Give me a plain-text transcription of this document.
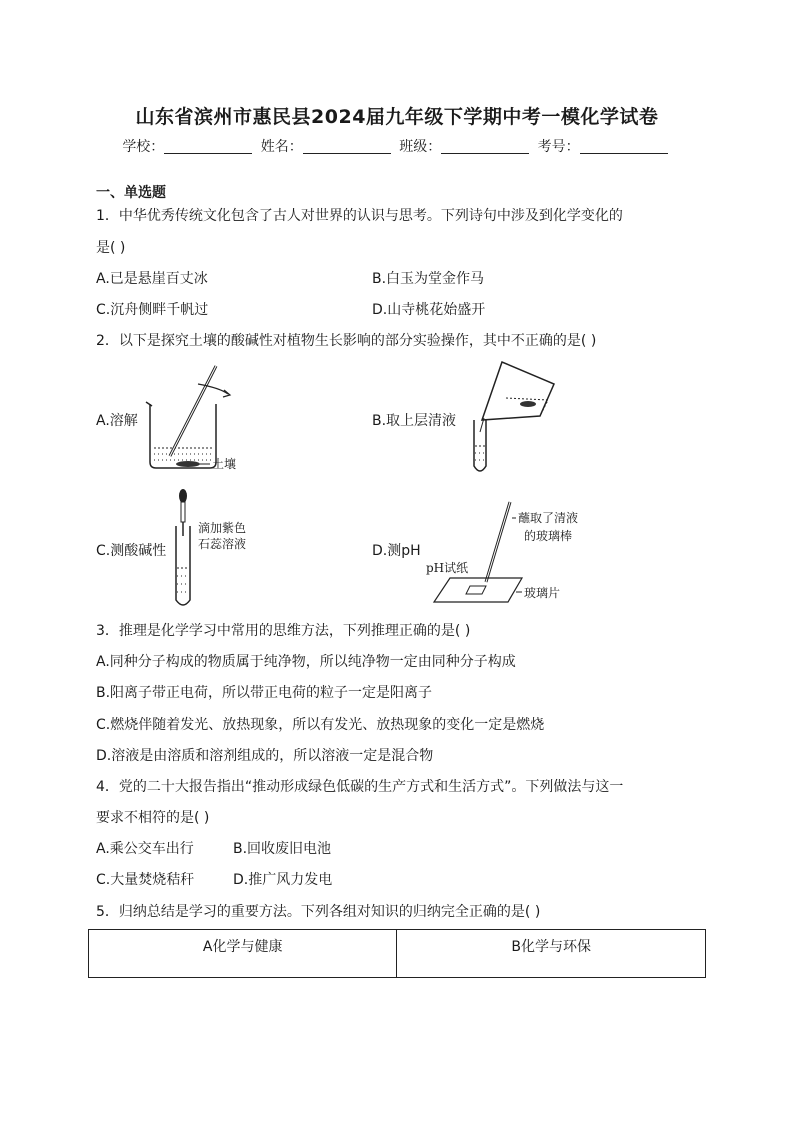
山东省滨州市惠民县2024届九年级下学期中考一模化学试卷
学校：	姓名：	班级：	考号：
一、单选题
1．中华优秀传统文化包含了古人对世界的认识与思考。下列诗句中涉及到化学变化的
是( )
A.已是悬崖百丈冰	B.白玉为堂金作马
C.沉舟侧畔千帆过	D.山寺桃花始盛开
2．以下是探究土壤的酸碱性对植物生长影响的部分实验操作，其中不正确的是( )
A.溶解
土壤
B.取上层清液
C.测酸碱性
滴加紫色
石蕊溶液	D.测pH
蘸取了清液
的玻璃棒
pH试纸
玻璃片
3．推理是化学学习中常用的思维方法，下列推理正确的是( )
A.同种分子构成的物质属于纯净物，所以纯净物一定由同种分子构成
B.阳离子带正电荷，所以带正电荷的粒子一定是阳离子
C.燃烧伴随着发光、放热现象，所以有发光、放热现象的变化一定是燃烧
D.溶液是由溶质和溶剂组成的，所以溶液一定是混合物
4．党的二十大报告指出“推动形成绿色低碳的生产方式和生活方式”。下列做法与这一
要求不相符的是( )
A.乘公交车出行	B.回收废旧电池
C.大量焚烧秸秆	D.推广风力发电
5．归纳总结是学习的重要方法。下列各组对知识的归纳完全正确的是( )
A化学与健康	B化学与环保
